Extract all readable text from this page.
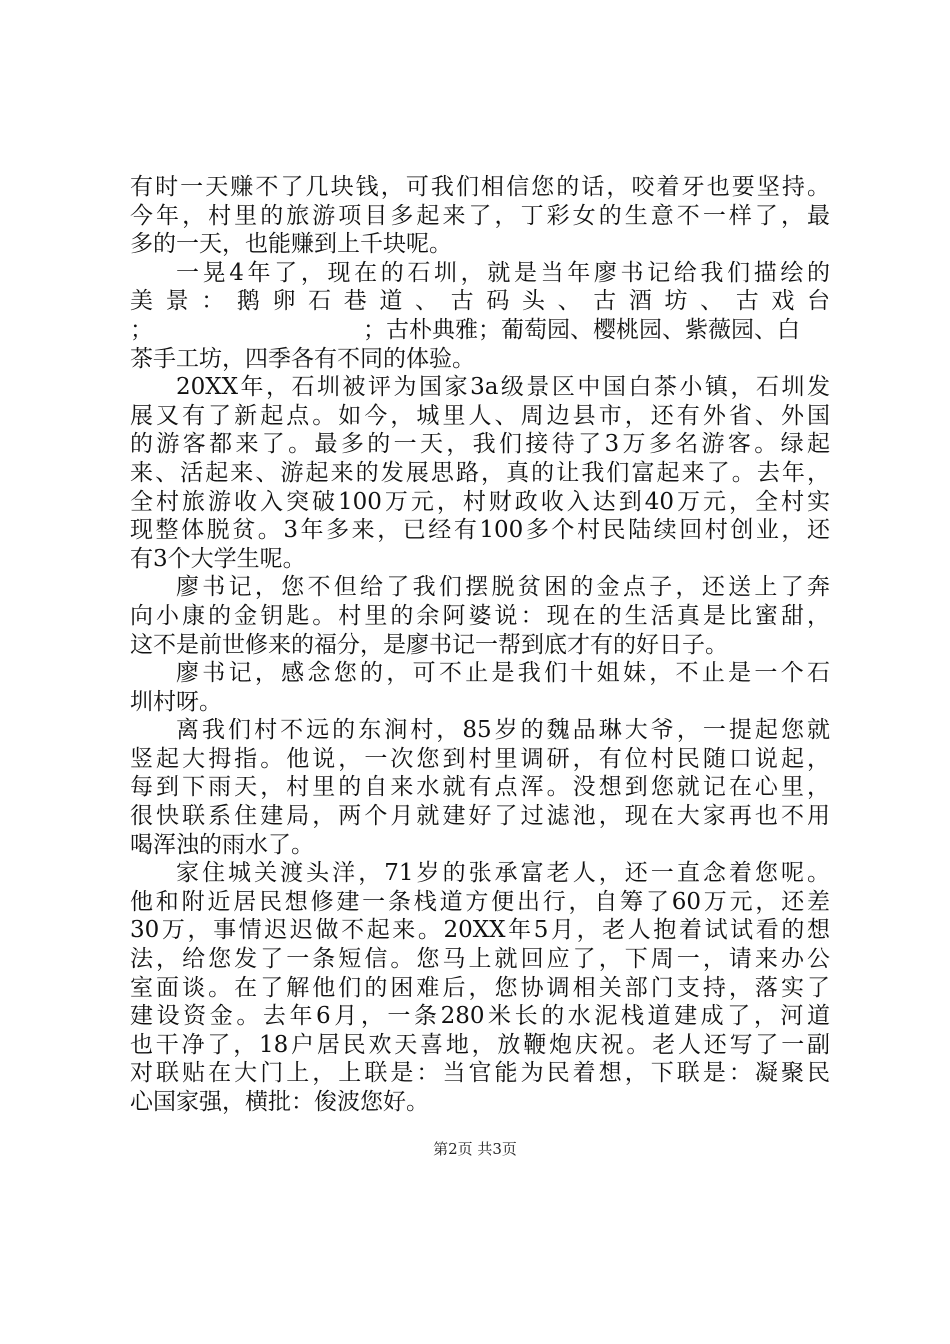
有时一天赚不了几块钱，可我们相信您的话，咬着牙也要坚持。
今年，村里的旅游项目多起来了，丁彩女的生意不一样了，最
多的一天，也能赚到上千块呢。

一晃4年了，现在的石圳，就是当年廖书记给我们描绘的
美景：鹅卵石巷道、古码头、古酒坊、古戏台
；	；古朴典雅；葡萄园、樱桃园、紫薇园、白
茶手工坊，四季各有不同的体验。

20XX年，石圳被评为国家3a级景区中国白茶小镇，石圳发
展又有了新起点。如今，城里人、周边县市，还有外省、外国
的游客都来了。最多的一天，我们接待了3万多名游客。绿起
来、活起来、游起来的发展思路，真的让我们富起来了。去年，
全村旅游收入突破100万元，村财政收入达到40万元，全村实
现整体脱贫。3年多来，已经有100多个村民陆续回村创业，还
有3个大学生呢。

廖书记，您不但给了我们摆脱贫困的金点子，还送上了奔
向小康的金钥匙。村里的余阿婆说：现在的生活真是比蜜甜，
这不是前世修来的福分，是廖书记一帮到底才有的好日子。

廖书记，感念您的，可不止是我们十姐妹，不止是一个石
圳村呀。

离我们村不远的东涧村，85岁的魏品琳大爷，一提起您就
竖起大拇指。他说，一次您到村里调研，有位村民随口说起，
每到下雨天，村里的自来水就有点浑。没想到您就记在心里，
很快联系住建局，两个月就建好了过滤池，现在大家再也不用
喝浑浊的雨水了。

家住城关渡头洋，71岁的张承富老人，还一直念着您呢。
他和附近居民想修建一条栈道方便出行，自筹了60万元，还差
30万，事情迟迟做不起来。20XX年5月，老人抱着试试看的想
法，给您发了一条短信。您马上就回应了，下周一，请来办公
室面谈。在了解他们的困难后，您协调相关部门支持，落实了
建设资金。去年6月，一条280米长的水泥栈道建成了，河道
也干净了，18户居民欢天喜地，放鞭炮庆祝。老人还写了一副
对联贴在大门上，上联是：当官能为民着想，下联是：凝聚民
心国家强，横批：俊波您好。

第2页 共3页
